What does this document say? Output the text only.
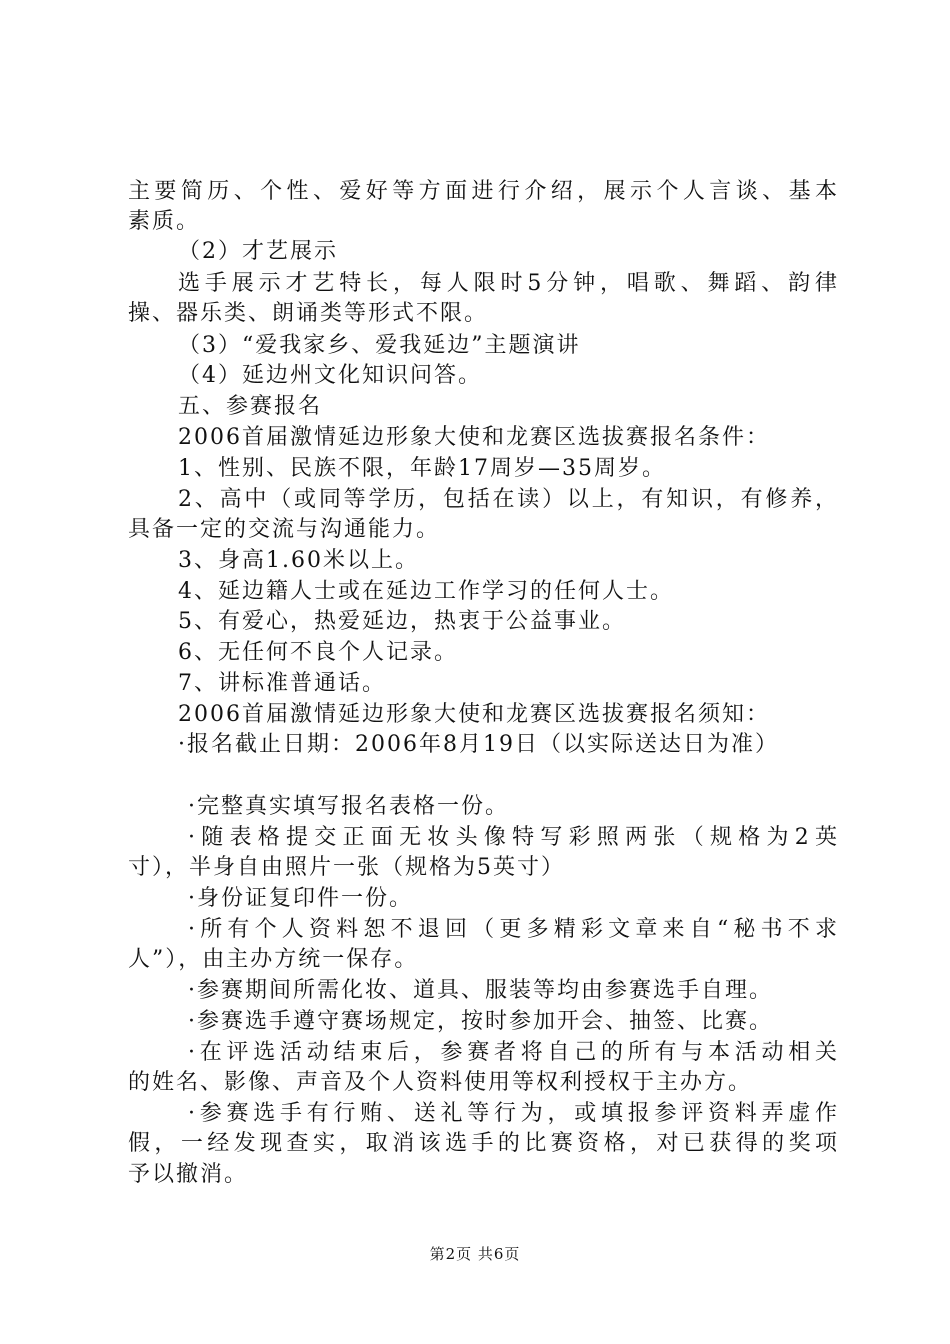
主要简历、个性、爱好等方面进行介绍，展示个人言谈、基本
素质。
（2）才艺展示
选手展示才艺特长，每人限时5分钟，唱歌、舞蹈、韵律
操、器乐类、朗诵类等形式不限。
（3）“爱我家乡、爱我延边”主题演讲
（4）延边州文化知识问答。
五、参赛报名
2006首届激情延边形象大使和龙赛区选拔赛报名条件：
1、性别、民族不限，年龄17周岁—35周岁。
2、高中（或同等学历，包括在读）以上，有知识，有修养，
具备一定的交流与沟通能力。
3、身高1.60米以上。
4、延边籍人士或在延边工作学习的任何人士。
5、有爱心，热爱延边，热衷于公益事业。
6、无任何不良个人记录。
7、讲标准普通话。
2006首届激情延边形象大使和龙赛区选拔赛报名须知：
·报名截止日期：2006年8月19日（以实际送达日为准）
·完整真实填写报名表格一份。
·随表格提交正面无妆头像特写彩照两张（规格为2英
寸），半身自由照片一张（规格为5英寸）
·身份证复印件一份。
·所有个人资料恕不退回（更多精彩文章来自“秘书不求
人”），由主办方统一保存。
·参赛期间所需化妆、道具、服装等均由参赛选手自理。
·参赛选手遵守赛场规定，按时参加开会、抽签、比赛。
·在评选活动结束后，参赛者将自己的所有与本活动相关
的姓名、影像、声音及个人资料使用等权利授权于主办方。
·参赛选手有行贿、送礼等行为，或填报参评资料弄虚作
假，一经发现查实，取消该选手的比赛资格，对已获得的奖项
予以撤消。
第2页 共6页
